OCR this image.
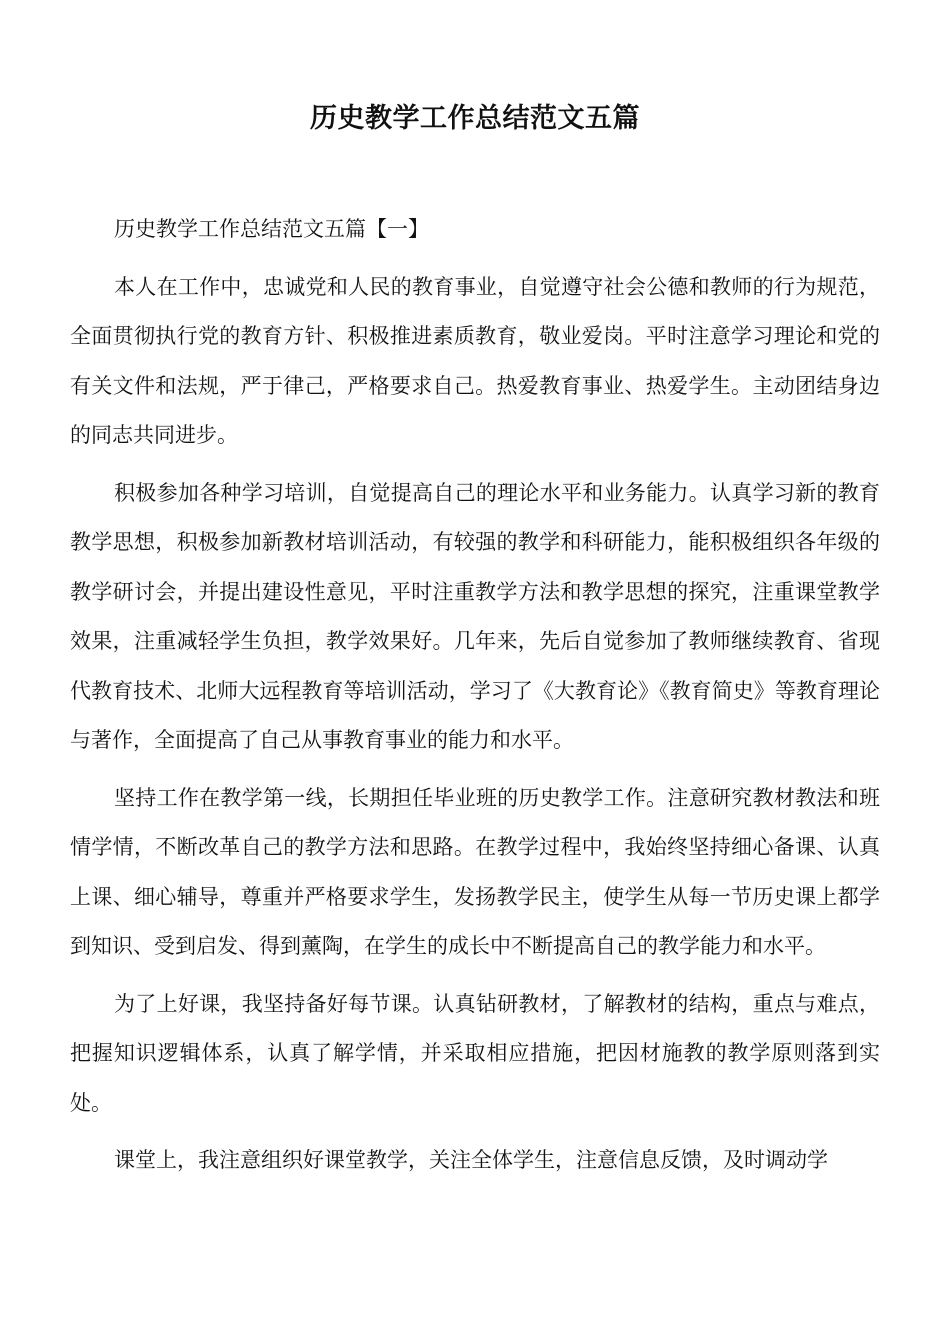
历史教学工作总结范文五篇

历史教学工作总结范文五篇【一】

本人在工作中，忠诚党和人民的教育事业，自觉遵守社会公德和教师的行为规范，全面贯彻执行党的教育方针、积极推进素质教育，敬业爱岗。平时注意学习理论和党的有关文件和法规，严于律己，严格要求自己。热爱教育事业、热爱学生。主动团结身边的同志共同进步。

积极参加各种学习培训，自觉提高自己的理论水平和业务能力。认真学习新的教育教学思想，积极参加新教材培训活动，有较强的教学和科研能力，能积极组织各年级的教学研讨会，并提出建设性意见，平时注重教学方法和教学思想的探究，注重课堂教学效果，注重减轻学生负担，教学效果好。几年来，先后自觉参加了教师继续教育、省现代教育技术、北师大远程教育等培训活动，学习了《大教育论》《教育简史》等教育理论与著作，全面提高了自己从事教育事业的能力和水平。

坚持工作在教学第一线，长期担任毕业班的历史教学工作。注意研究教材教法和班情学情，不断改革自己的教学方法和思路。在教学过程中，我始终坚持细心备课、认真上课、细心辅导，尊重并严格要求学生，发扬教学民主，使学生从每一节历史课上都学到知识、受到启发、得到薰陶，在学生的成长中不断提高自己的教学能力和水平。

为了上好课，我坚持备好每节课。认真钻研教材，了解教材的结构，重点与难点，把握知识逻辑体系，认真了解学情，并采取相应措施，把因材施教的教学原则落到实处。

课堂上，我注意组织好课堂教学，关注全体学生，注意信息反馈，及时调动学
